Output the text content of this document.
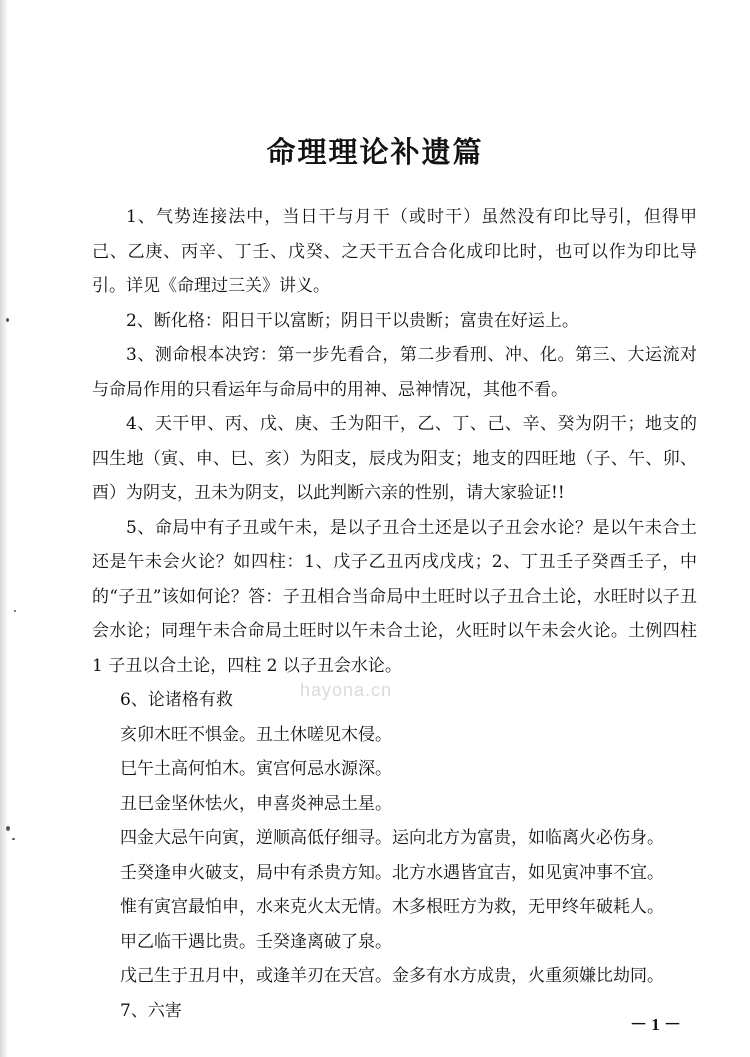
命理理论补遗篇

1、气势连接法中，当日干与月干（或时干）虽然没有印比导引，但得甲己、乙庚、丙辛、丁壬、戊癸、之天干五合合化成印比时，也可以作为印比导引。详见《命理过三关》讲义。

2、断化格：阳日干以富断；阴日干以贵断；富贵在好运上。

3、测命根本决窍：第一步先看合，第二步看刑、冲、化。第三、大运流对与命局作用的只看运年与命局中的用神、忌神情况，其他不看。

4、天干甲、丙、戊、庚、壬为阳干，乙、丁、己、辛、癸为阴干；地支的四生地（寅、申、巳、亥）为阳支，辰戌为阳支；地支的四旺地（子、午、卯、酉）为阴支，丑未为阴支，以此判断六亲的性别，请大家验证!!

5、命局中有子丑或午未，是以子丑合土还是以子丑会水论？是以午未合土还是午未会火论？如四柱：1、戊子乙丑丙戌戊戌；2、丁丑壬子癸酉壬子，中的“子丑”该如何论？答：子丑相合当命局中土旺时以子丑合土论，水旺时以子丑会水论；同理午未合命局土旺时以午未合土论，火旺时以午未会火论。土例四柱 1 子丑以合土论，四柱 2 以子丑会水论。

6、论诸格有救

亥卯木旺不惧金。丑土休嗟见木侵。

巳午土高何怕木。寅宫何忌水源深。

丑巳金坚休怯火，申喜炎神忌土星。

四金大忌午向寅，逆顺高低仔细寻。运向北方为富贵，如临离火必伤身。

壬癸逢申火破支，局中有杀贵方知。北方水遇皆宜吉，如见寅冲事不宜。

惟有寅宫最怕申，水来克火太无情。木多根旺方为救，无甲终年破耗人。

甲乙临干遇比贵。壬癸逢离破了泉。

戊己生于丑月中，或逢羊刃在天宫。金多有水方成贵，火重须嫌比劫同。

7、六害

hayona.cn
－ 1 －
